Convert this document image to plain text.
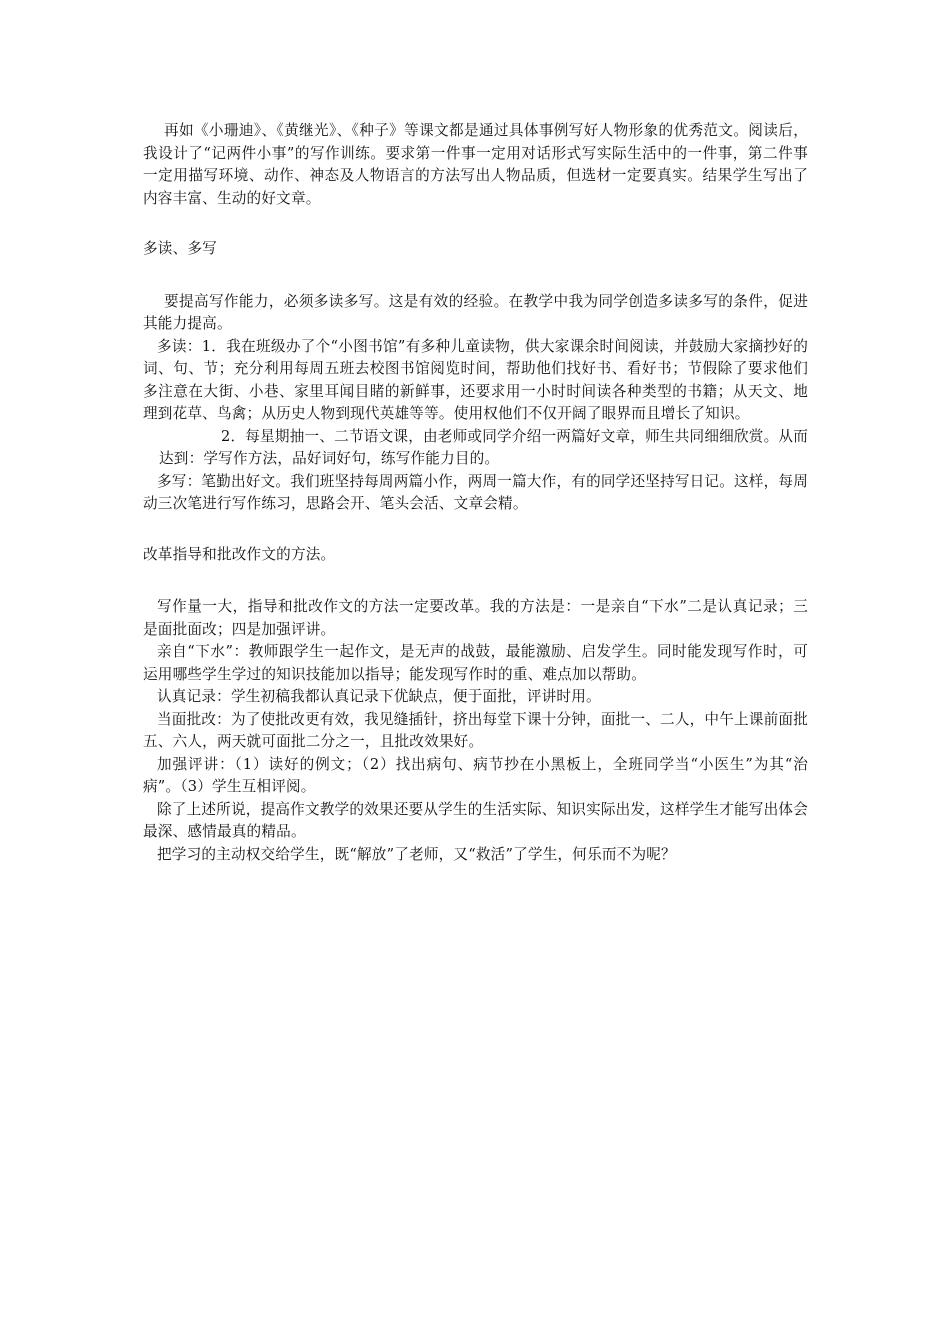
再如《小珊迪》、《黄继光》、《种子》等课文都是通过具体事例写好人物形象的优秀范文。阅读后，我设计了“记两件小事”的写作训练。要求第一件事一定用对话形式写实际生活中的一件事，第二件事一定用描写环境、动作、神态及人物语言的方法写出人物品质，但选材一定要真实。结果学生写出了内容丰富、生动的好文章。

多读、多写

要提高写作能力，必须多读多写。这是有效的经验。在教学中我为同学创造多读多写的条件，促进其能力提高。

多读：1．我在班级办了个“小图书馆”有多种儿童读物，供大家课余时间阅读，并鼓励大家摘抄好的词、句、节；充分利用每周五班去校图书馆阅览时间，帮助他们找好书、看好书；节假除了要求他们多注意在大街、小巷、家里耳闻目睹的新鲜事，还要求用一小时时间读各种类型的书籍；从天文、地理到花草、鸟禽；从历史人物到现代英雄等等。使用权他们不仅开阔了眼界而且增长了知识。

2．每星期抽一、二节语文课，由老师或同学介绍一两篇好文章，师生共同细细欣赏。从而达到：学写作方法，品好词好句，练写作能力目的。

多写：笔勤出好文。我们班坚持每周两篇小作，两周一篇大作，有的同学还坚持写日记。这样，每周动三次笔进行写作练习，思路会开、笔头会活、文章会精。

改革指导和批改作文的方法。

写作量一大，指导和批改作文的方法一定要改革。我的方法是：一是亲自“下水”二是认真记录；三是面批面改；四是加强评讲。

亲自“下水”：教师跟学生一起作文，是无声的战鼓，最能激励、启发学生。同时能发现写作时，可运用哪些学生学过的知识技能加以指导；能发现写作时的重、难点加以帮助。

认真记录：学生初稿我都认真记录下优缺点，便于面批，评讲时用。

当面批改：为了使批改更有效，我见缝插针，挤出每堂下课十分钟，面批一、二人，中午上课前面批五、六人，两天就可面批二分之一，且批改效果好。

加强评讲：（1）读好的例文；（2）找出病句、病节抄在小黑板上，全班同学当“小医生”为其“治病”。（3）学生互相评阅。

除了上述所说，提高作文教学的效果还要从学生的生活实际、知识实际出发，这样学生才能写出体会最深、感情最真的精品。

把学习的主动权交给学生，既“解放”了老师，又“救活”了学生，何乐而不为呢？
